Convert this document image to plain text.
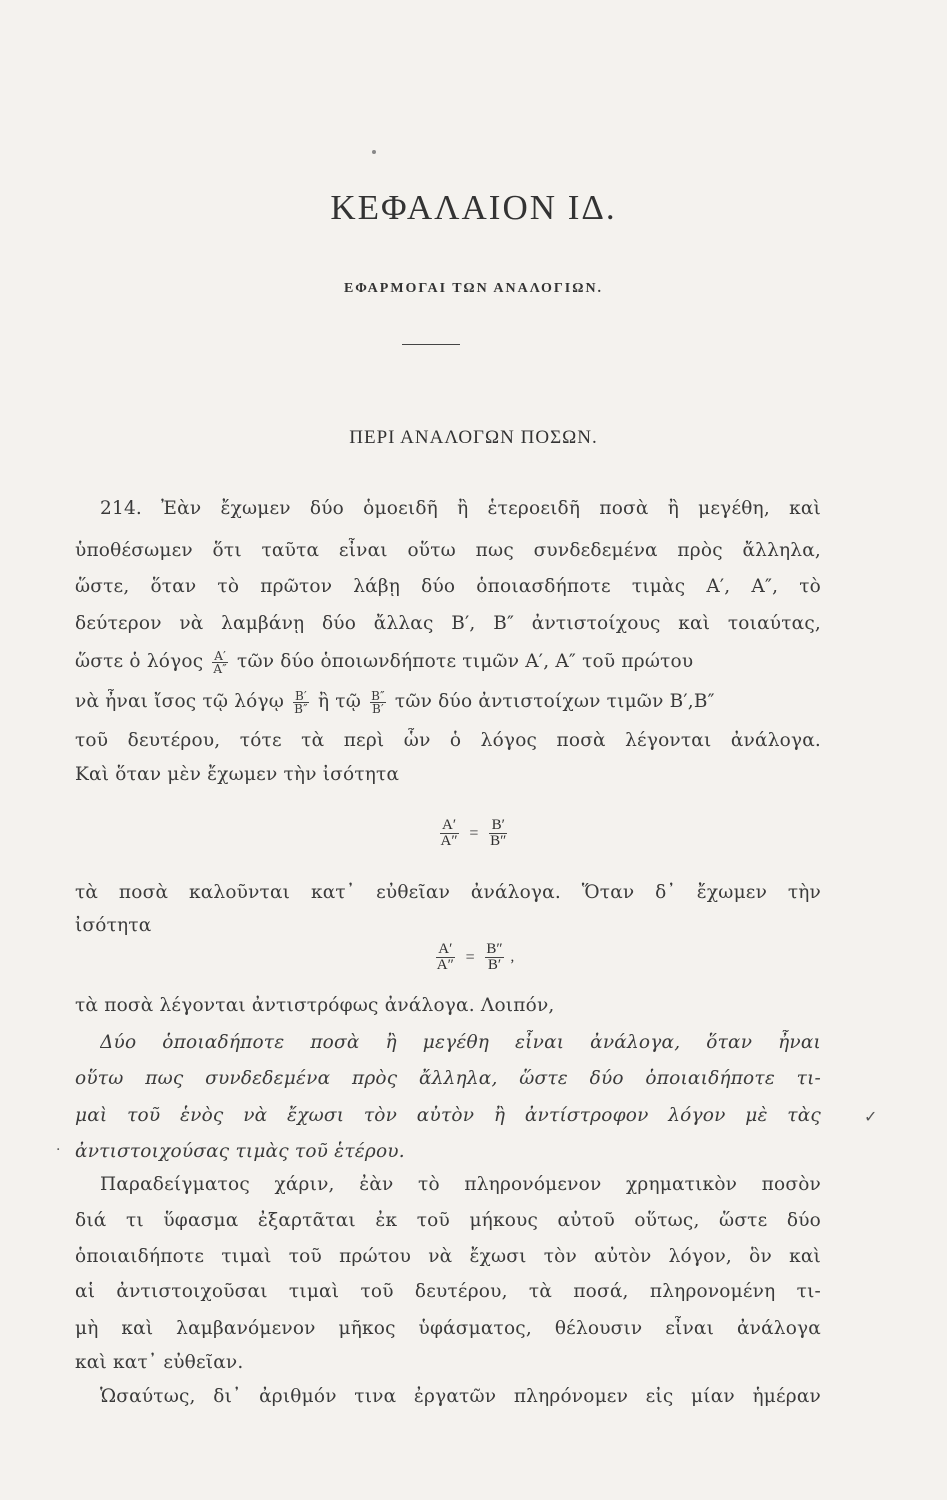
ΚΕΦΑΛΑΙΟΝ ΙΔ.
ΕΦΑΡΜΟΓΑΙ ΤΩΝ ΑΝΑΛΟΓΙΩΝ.
ΠΕΡΙ ΑΝΑΛΟΓΩΝ ΠΟΣΩΝ.
214. Ἐὰν ἔχωμεν δύο ὁμοειδῆ ἢ ἑτεροειδῆ ποσὰ ἢ μεγέθη, καὶ
ὑποθέσωμεν ὅτι ταῦτα εἶναι οὕτω πως συνδεδεμένα πρὸς ἄλληλα,
ὥστε, ὅταν τὸ πρῶτον λάβῃ δύο ὁποιασδήποτε τιμὰς Α′, Α″, τὸ
δεύτερον νὰ λαμβάνῃ δύο ἄλλας Β′, Β″ ἀντιστοίχους καὶ τοιαύτας,
ὥστε ὁ λόγος $\frac{A'}{A''}$ τῶν δύο ὁποιωνδήποτε τιμῶν Α′, Α″ τοῦ πρώτου
νὰ ἦναι ἴσος τῷ λόγῳ $\frac{B'}{B''}$ ἢ τῷ $\frac{B''}{B'}$ τῶν δύο ἀντιστοίχων τιμῶν Β′,Β″
τοῦ δευτέρου, τότε τὰ περὶ ὧν ὁ λόγος ποσὰ λέγονται ἀνάλογα.
Καὶ ὅταν μὲν ἔχωμεν τὴν ἰσότητα
$\frac{A'}{A''} = \frac{B'}{B''}$
τὰ ποσὰ καλοῦνται κατ᾽ εὐθεῖαν ἀνάλογα. Ὅταν δ᾽ ἔχωμεν τὴν
ἰσότητα
$\frac{A'}{A''} = \frac{B''}{B'}$ ,
τὰ ποσὰ λέγονται ἀντιστρόφως ἀνάλογα. Λοιπόν,
Δύο ὁποιαδήποτε ποσὰ ἢ μεγέθη εἶναι ἀνάλογα, ὅταν ἦναι
οὕτω πως συνδεδεμένα πρὸς ἄλληλα, ὥστε δύο ὁποιαιδήποτε τι-
μαὶ τοῦ ἑνὸς νὰ ἔχωσι τὸν αὐτὸν ἢ ἀντίστροφον λόγον μὲ τὰς
ἀντιστοιχούσας τιμὰς τοῦ ἑτέρου.
Παραδείγματος χάριν, ἐὰν τὸ πληρονόμενον χρηματικὸν ποσὸν
διά τι ὕφασμα ἐξαρτᾶται ἐκ τοῦ μήκους αὐτοῦ οὕτως, ὥστε δύο
ὁποιαιδήποτε τιμαὶ τοῦ πρώτου νὰ ἔχωσι τὸν αὐτὸν λόγον, ὃν καὶ
αἱ ἀντιστοιχοῦσαι τιμαὶ τοῦ δευτέρου, τὰ ποσά, πληρονομένη τι-
μὴ καὶ λαμβανόμενον μῆκος ὑφάσματος, θέλουσιν εἶναι ἀνάλογα
καὶ κατ᾽ εὐθεῖαν.
Ὡσαύτως, δι᾽ ἀριθμόν τινα ἐργατῶν πληρόνομεν εἰς μίαν ἡμέραν
✓
·
